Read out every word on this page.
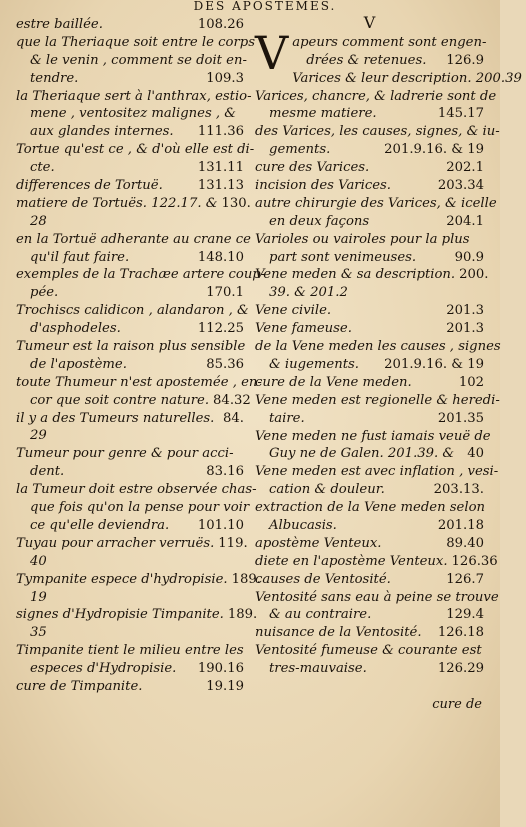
DES APOSTEMES.
estre baillée.	108.26
que la Theriaque soit entre le corps
& le venin , comment se doit en-
tendre.	109.3
la Theriaque sert à l'anthrax, estio-
mene , ventositez malignes , &
aux glandes internes.	111.36
Tortue qu'est ce , & d'où elle est di-
cte.	131.11
differences de Tortuë.	131.13
matiere de Tortuës. 122.17. & 130.
28
en la Tortuë adherante au crane ce
qu'il faut faire.	148.10
exemples de la Trachæe artere coup-
pée.	170.1
Trochiscs calidicon , alandaron , &
d'asphodeles.	112.25
Tumeur est la raison plus sensible
de l'apostème.	85.36
toute Thumeur n'est apostemée , en-
cor que soit contre nature. 84.32
il y a des Tumeurs naturelles. 84.
29
Tumeur pour genre & pour acci-
dent.	83.16
la Tumeur doit estre observée chas-
que fois qu'on la pense pour voir
ce qu'elle deviendra.	101.10
Tuyau pour arracher verruës. 119.
40
Tympanite espece d'hydropisie. 189.
19
signes d'Hydropisie Timpanite. 189.
35
Timpanite tient le milieu entre les
especes d'Hydropisie.	190.16
cure de Timpanite.	19.19
V
Vapeurs comment sont engen-
drées & retenues.	126.9
Varices & leur description. 200.39
Varices, chancre, & ladrerie sont de
mesme matiere.	145.17
des Varices, les causes, signes, & iu-
gements.	201.9.16. & 19
cure des Varices.	202.1
incision des Varices.	203.34
autre chirurgie des Varices, & icelle
en deux façons	204.1
Varioles ou vairoles pour la plus
part sont venimeuses.	90.9
Vene meden & sa description. 200.
39. & 201.2
Vene civile.	201.3
Vene fameuse.	201.3
de la Vene meden les causes , signes
& iugements.	201.9.16. & 19
cure de la Vene meden.	102
Vene meden est regionelle & heredi-
taire.	201.35
Vene meden ne fust iamais veuë de
Guy ne de Galen. 201.39. & 40
Vene meden est avec inflation , vesi-
cation & douleur.	203.13.
extraction de la Vene meden selon
Albucasis.	201.18
apostème Venteux.	89.40
diete en l'apostème Venteux. 126.36
causes de Ventosité.	126.7
Ventosité sans eau à peine se trouve
& au contraire.	129.4
nuisance de la Ventosité.	126.18
Ventosité fumeuse & courante est
tres-mauvaise.	126.29
cure de
